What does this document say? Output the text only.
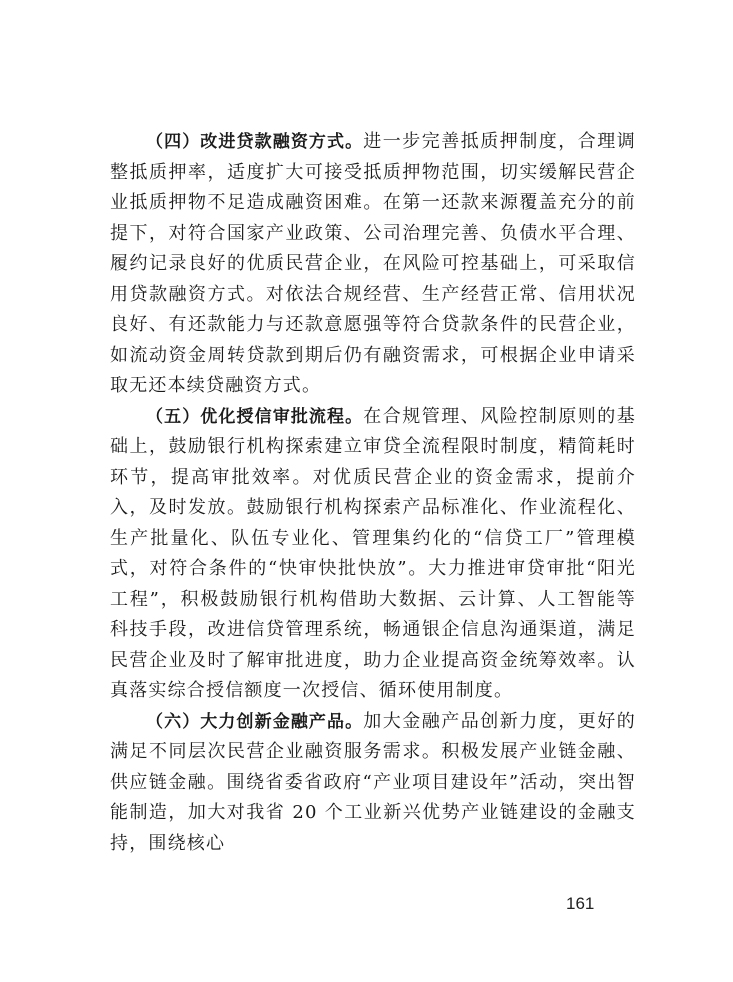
（四）改进贷款融资方式。进一步完善抵质押制度，合理调整抵质押率，适度扩大可接受抵质押物范围，切实缓解民营企业抵质押物不足造成融资困难。在第一还款来源覆盖充分的前提下，对符合国家产业政策、公司治理完善、负债水平合理、履约记录良好的优质民营企业，在风险可控基础上，可采取信用贷款融资方式。对依法合规经营、生产经营正常、信用状况良好、有还款能力与还款意愿强等符合贷款条件的民营企业，如流动资金周转贷款到期后仍有融资需求，可根据企业申请采取无还本续贷融资方式。

（五）优化授信审批流程。在合规管理、风险控制原则的基础上，鼓励银行机构探索建立审贷全流程限时制度，精简耗时环节，提高审批效率。对优质民营企业的资金需求，提前介入，及时发放。鼓励银行机构探索产品标准化、作业流程化、生产批量化、队伍专业化、管理集约化的“信贷工厂”管理模式，对符合条件的“快审快批快放”。大力推进审贷审批“阳光工程”，积极鼓励银行机构借助大数据、云计算、人工智能等科技手段，改进信贷管理系统，畅通银企信息沟通渠道，满足民营企业及时了解审批进度，助力企业提高资金统筹效率。认真落实综合授信额度一次授信、循环使用制度。

（六）大力创新金融产品。加大金融产品创新力度，更好的满足不同层次民营企业融资服务需求。积极发展产业链金融、供应链金融。围绕省委省政府“产业项目建设年”活动，突出智能制造，加大对我省 20 个工业新兴优势产业链建设的金融支持，围绕核心

161
